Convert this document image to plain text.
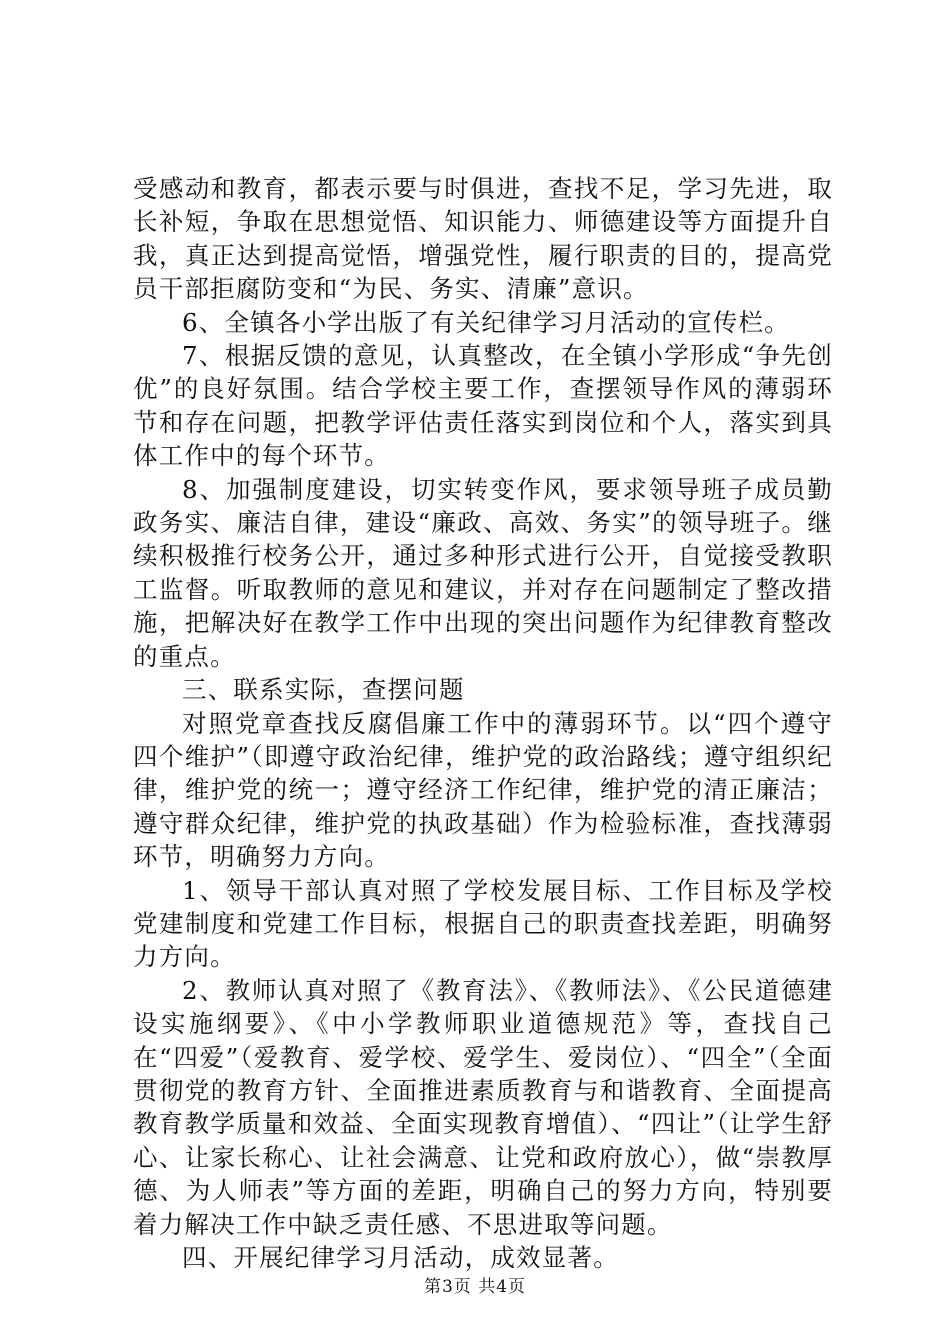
受感动和教育，都表示要与时俱进，查找不足，学习先进，取长补短，争取在思想觉悟、知识能力、师德建设等方面提升自我，真正达到提高觉悟，增强党性，履行职责的目的，提高党员干部拒腐防变和“为民、务实、清廉”意识。

6、全镇各小学出版了有关纪律学习月活动的宣传栏。

7、根据反馈的意见，认真整改，在全镇小学形成“争先创优”的良好氛围。结合学校主要工作，查摆领导作风的薄弱环节和存在问题，把教学评估责任落实到岗位和个人，落实到具体工作中的每个环节。

8、加强制度建设，切实转变作风，要求领导班子成员勤政务实、廉洁自律，建设“廉政、高效、务实”的领导班子。继续积极推行校务公开，通过多种形式进行公开，自觉接受教职工监督。听取教师的意见和建议，并对存在问题制定了整改措施，把解决好在教学工作中出现的突出问题作为纪律教育整改的重点。

三、联系实际，查摆问题

对照党章查找反腐倡廉工作中的薄弱环节。以“四个遵守四个维护”（即遵守政治纪律，维护党的政治路线；遵守组织纪律，维护党的统一；遵守经济工作纪律，维护党的清正廉洁；遵守群众纪律，维护党的执政基础）作为检验标准，查找薄弱环节，明确努力方向。

1、领导干部认真对照了学校发展目标、工作目标及学校党建制度和党建工作目标，根据自己的职责查找差距，明确努力方向。

2、教师认真对照了《教育法》、《教师法》、《公民道德建设实施纲要》、《中小学教师职业道德规范》等，查找自己在“四爱”（爱教育、爱学校、爱学生、爱岗位）、“四全”（全面贯彻党的教育方针、全面推进素质教育与和谐教育、全面提高教育教学质量和效益、全面实现教育增值）、“四让”（让学生舒心、让家长称心、让社会满意、让党和政府放心），做“崇教厚德、为人师表”等方面的差距，明确自己的努力方向，特别要着力解决工作中缺乏责任感、不思进取等问题。

四、开展纪律学习月活动，成效显著。

第3页 共4页
